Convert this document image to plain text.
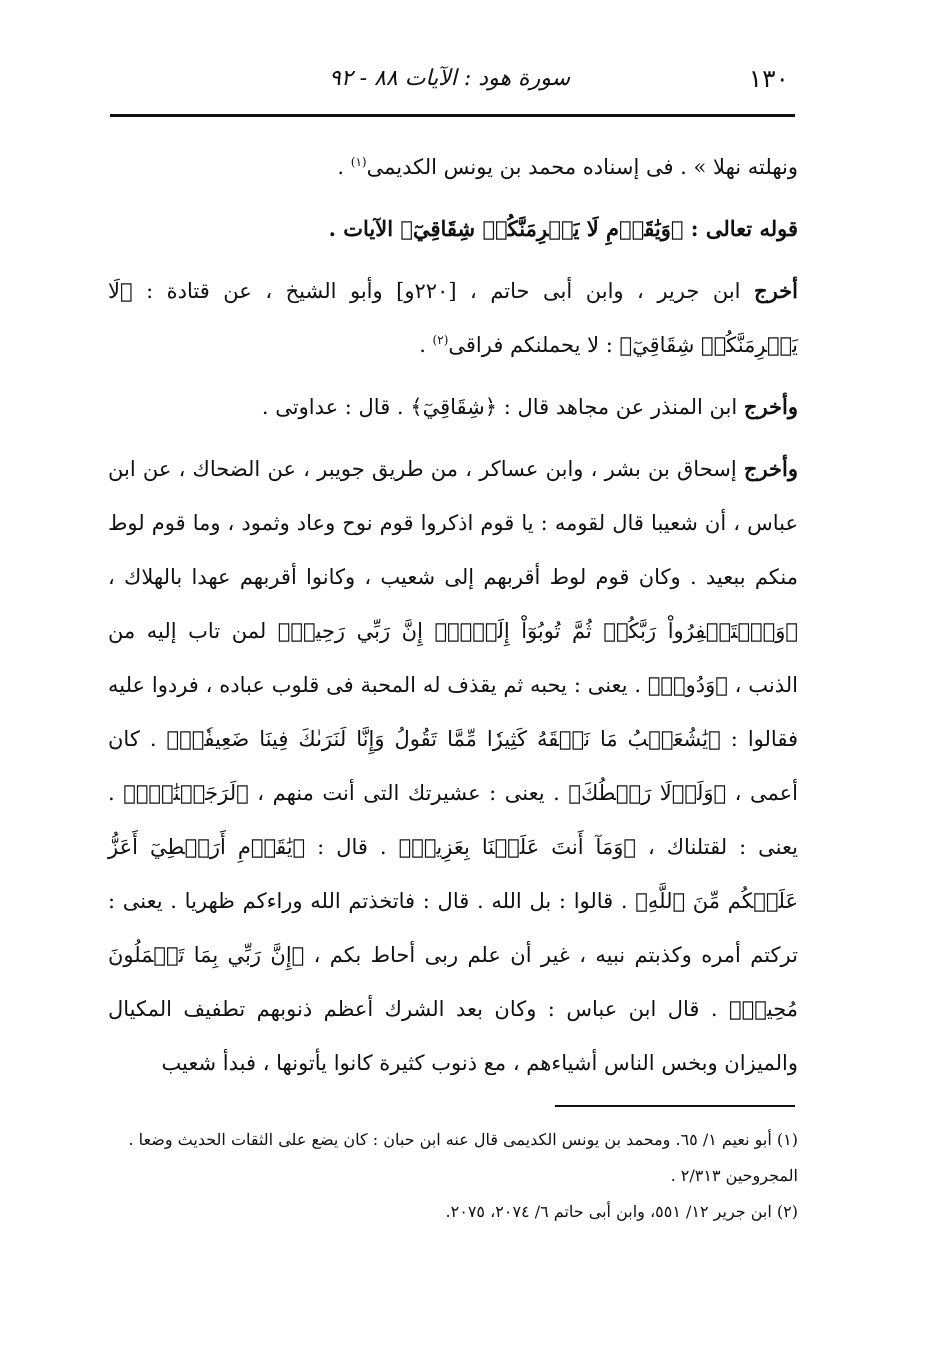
١٣٠
سورة هود : الآيات ٨٨ - ٩٢

ونهلته نهلا » . فى إسناده محمد بن يونس الكديمى$^{(١)}$ .

قوله تعالى : ﴿وَيَٰقَوۡمِ لَا يَجۡرِمَنَّكُمۡ شِقَاقِيٓ﴾ الآيات .

أخرج ابن جرير ، وابن أبى حاتم ، [٢٢٠و] وأبو الشيخ ، عن قتادة : ﴿لَا يَجۡرِمَنَّكُمۡ شِقَاقِيٓ﴾ : لا يحملنكم فراقى$^{(٢)}$ .

وأخرج ابن المنذر عن مجاهد قال : ﴿شِقَاقِيٓ﴾ . قال : عداوتى .

وأخرج إسحاق بن بشر ، وابن عساكر ، من طريق جويبر ، عن الضحاك ، عن ابن عباس ، أن شعيبا قال لقومه : يا قوم اذكروا قوم نوح وعاد وثمود ، وما قوم لوط منكم ببعيد . وكان قوم لوط أقربهم إلى شعيب ، وكانوا أقربهم عهدا بالهلاك ، ﴿وَٱسۡتَغۡفِرُواْ رَبَّكُمۡ ثُمَّ تُوبُوٓاْ إِلَيۡهِۚ إِنَّ رَبِّي رَحِيمٞ﴾ لمن تاب إليه من الذنب ، ﴿وَدُودٞ﴾ . يعنى : يحبه ثم يقذف له المحبة فى قلوب عباده ، فردوا عليه فقالوا : ﴿يَٰشُعَيۡبُ مَا نَفۡقَهُ كَثِيرٗا مِّمَّا تَقُولُ وَإِنَّا لَنَرَىٰكَ فِينَا ضَعِيفٗاۖ﴾ . كان أعمى ، ﴿وَلَوۡلَا رَهۡطُكَ﴾ . يعنى : عشيرتك التى أنت منهم ، ﴿لَرَجَمۡنَٰكَۖ﴾ . يعنى : لقتلناك ، ﴿وَمَآ أَنتَ عَلَيۡنَا بِعَزِيزٖ﴾ . قال : ﴿يَٰقَوۡمِ أَرَهۡطِيٓ أَعَزُّ عَلَيۡكُم مِّنَ ٱللَّهِ﴾ . قالوا : بل الله . قال : فاتخذتم الله وراءكم ظهريا . يعنى : تركتم أمره وكذبتم نبيه ، غير أن علم ربى أحاط بكم ، ﴿إِنَّ رَبِّي بِمَا تَعۡمَلُونَ مُحِيطٞ﴾ . قال ابن عباس : وكان بعد الشرك أعظم ذنوبهم تطفيف المكيال والميزان وبخس الناس أشياءهم ، مع ذنوب كثيرة كانوا يأتونها ، فبدأ شعيب

(١) أبو نعيم ١/ ٦٥. ومحمد بن يونس الكديمى قال عنه ابن حبان : كان يضع على الثقات الحديث وضعا . المجروحين ٢/٣١٣ .

(٢) ابن جرير ١٢/ ٥٥١، وابن أبى حاتم ٦/ ٢٠٧٤، ٢٠٧٥.
